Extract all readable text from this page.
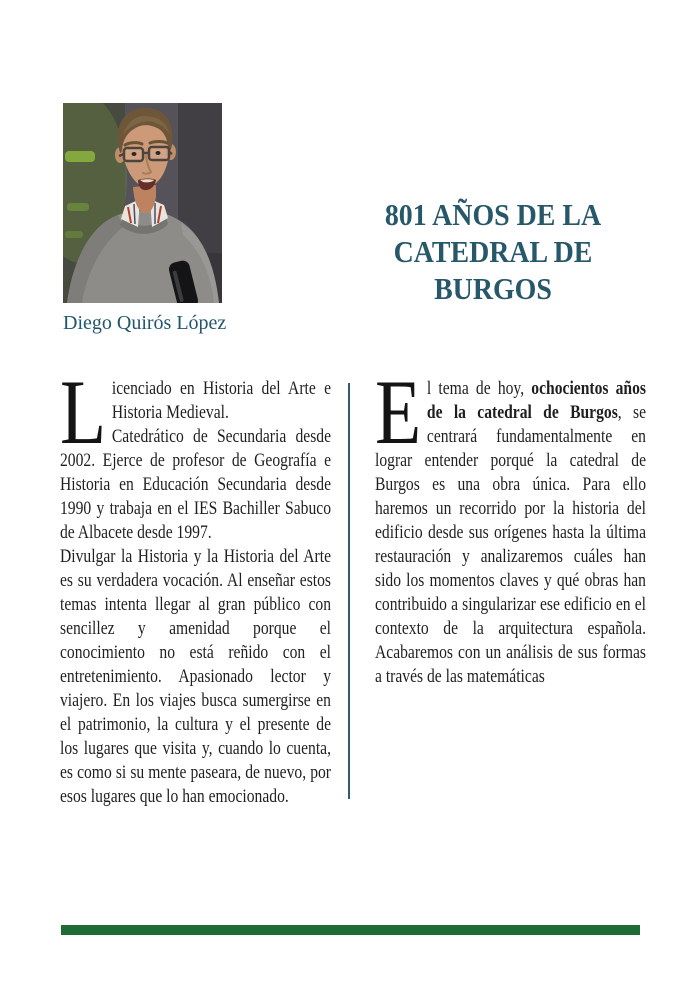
Diego Quirós López
801 AÑOS DE LA
CATEDRAL DE
BURGOS

Licenciado en Historia del Arte e Historia Medieval.

Catedrático de Secundaria desde 2002. Ejerce de profesor de Geografía e Historia en Educación Secundaria desde 1990 y trabaja en el IES Bachiller Sabuco de Albacete desde 1997.

Divulgar la Historia y la Historia del Arte es su verdadera vocación. Al enseñar estos temas intenta llegar al gran público con sencillez y amenidad porque el conocimiento no está reñido con el entretenimiento. Apasionado lector y viajero. En los viajes busca sumergirse en el patrimonio, la cultura y el presente de los lugares que visita y, cuando lo cuenta, es como si su mente paseara, de nuevo, por esos lugares que lo han emocionado.

El tema de hoy, ochocientos años de la catedral de Burgos, se centrará fundamentalmente en lograr entender porqué la catedral de Burgos es una obra única. Para ello haremos un recorrido por la historia del edificio desde sus orígenes hasta la última restauración y analizaremos cuáles han sido los momentos claves y qué obras han contribuido a singularizar ese edificio en el contexto de la arquitectura española. Acabaremos con un análisis de sus formas a través de las matemáticas
